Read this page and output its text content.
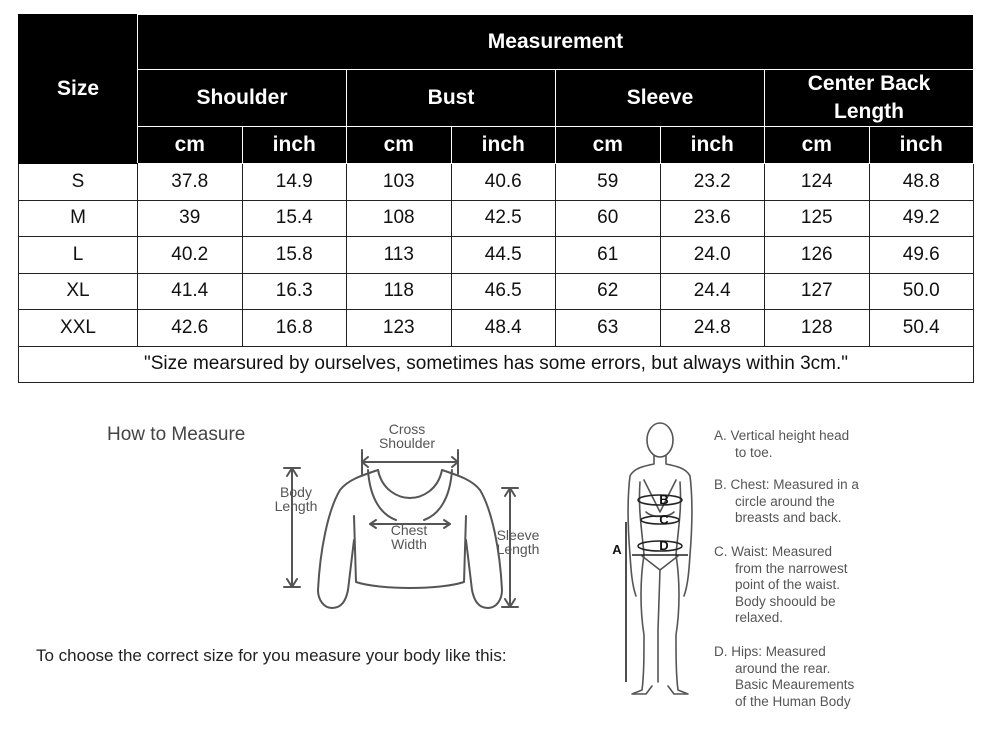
Size	Measurement							
	Shoulder		Bust		Sleeve		Center Back Length	
	cm	inch	cm	inch	cm	inch	cm	inch
S	37.8	14.9	103	40.6	59	23.2	124	48.8
M	39	15.4	108	42.5	60	23.6	125	49.2
L	40.2	15.8	113	44.5	61	24.0	126	49.6
XL	41.4	16.3	118	46.5	62	24.4	127	50.0
XXL	42.6	16.8	123	48.4	63	24.8	128	50.4
"Size mearsured by ourselves, sometimes has some errors, but always within 3cm."								
How to Measure
To choose the correct size for you measure your body like this:
Cross
Shoulder
Body
Length
Chest
Width
Sleeve
Length	A
B
C
D
A. Vertical height head
to toe.
B. Chest: Measured in a
circle around the
breasts and back.
C. Waist: Measured
from the narrowest
point of the waist.
Body shoould be
relaxed.
D. Hips: Measured
around the rear.
Basic Meaurements
of the Human Body
